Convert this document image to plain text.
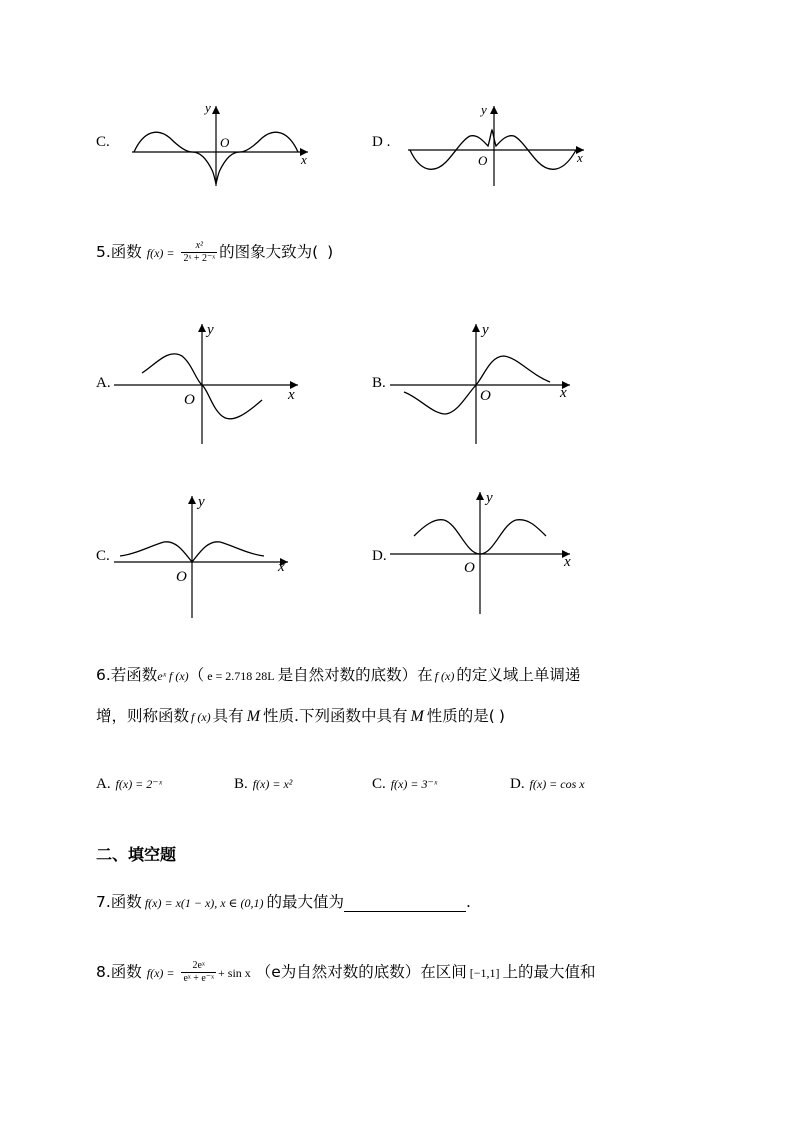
C.
y
O
x
D .
y
O	x
5.函数 $f(x) = \frac{\text{x²}}{\text{2ˣ + 2⁻ˣ}}$ 的图象大致为( )
A.
y
O	x
B.
y
O	x
C.
y
O
x
D.
y
O	x
6.若函数eˣ f (x)（ e = 2.718 28L 是自然对数的底数）在 f (x) 的定义域上单调递
增，则称函数 f (x) 具有 M 性质.下列函数中具有 M 性质的是( )
A. f(x) = 2⁻ˣ	B. f(x) = x²	C. f(x) = 3⁻ˣ	D. f(x) = cos x
二、填空题
7.函数 f(x) = x(1 − x), x ∈ (0,1) 的最大值为	.
8.函数 $f(x) = \frac{\text{2eˣ}}{\text{eˣ + e⁻ˣ}} + \sin x$ （e为自然对数的底数）在区间 [−1,1] 上的最大值和
